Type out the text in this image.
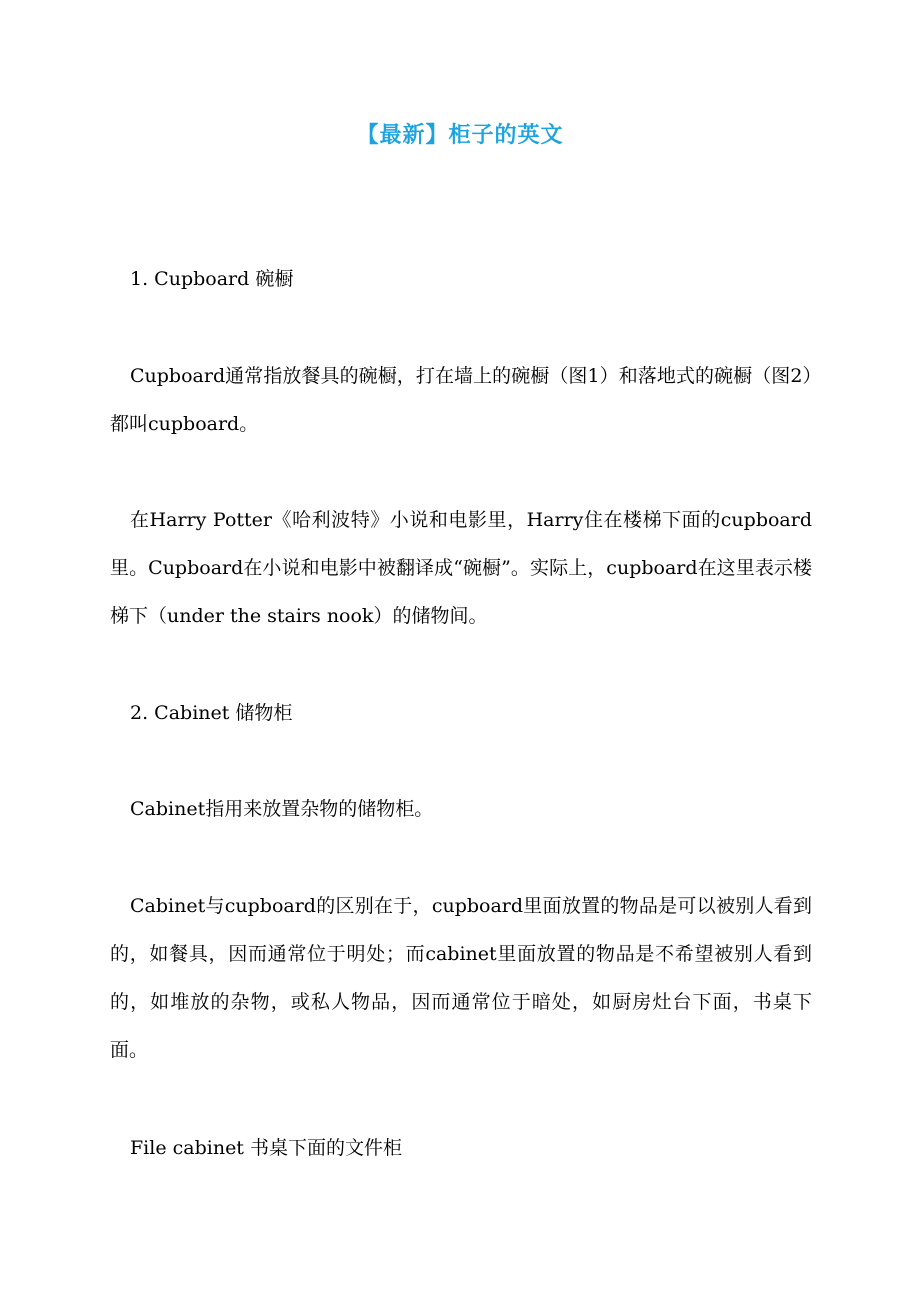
【最新】柜子的英文

1. Cupboard 碗橱

Cupboard通常指放餐具的碗橱，打在墙上的碗橱（图1）和落地式的碗橱（图2）都叫cupboard。

在Harry Potter《哈利波特》小说和电影里，Harry住在楼梯下面的cupboard里。Cupboard在小说和电影中被翻译成“碗橱”。实际上，cupboard在这里表示楼梯下（under the stairs nook）的储物间。

2. Cabinet 储物柜

Cabinet指用来放置杂物的储物柜。

Cabinet与cupboard的区别在于，cupboard里面放置的物品是可以被别人看到的，如餐具，因而通常位于明处；而cabinet里面放置的物品是不希望被别人看到的，如堆放的杂物，或私人物品，因而通常位于暗处，如厨房灶台下面，书桌下面。

File cabinet 书桌下面的文件柜
